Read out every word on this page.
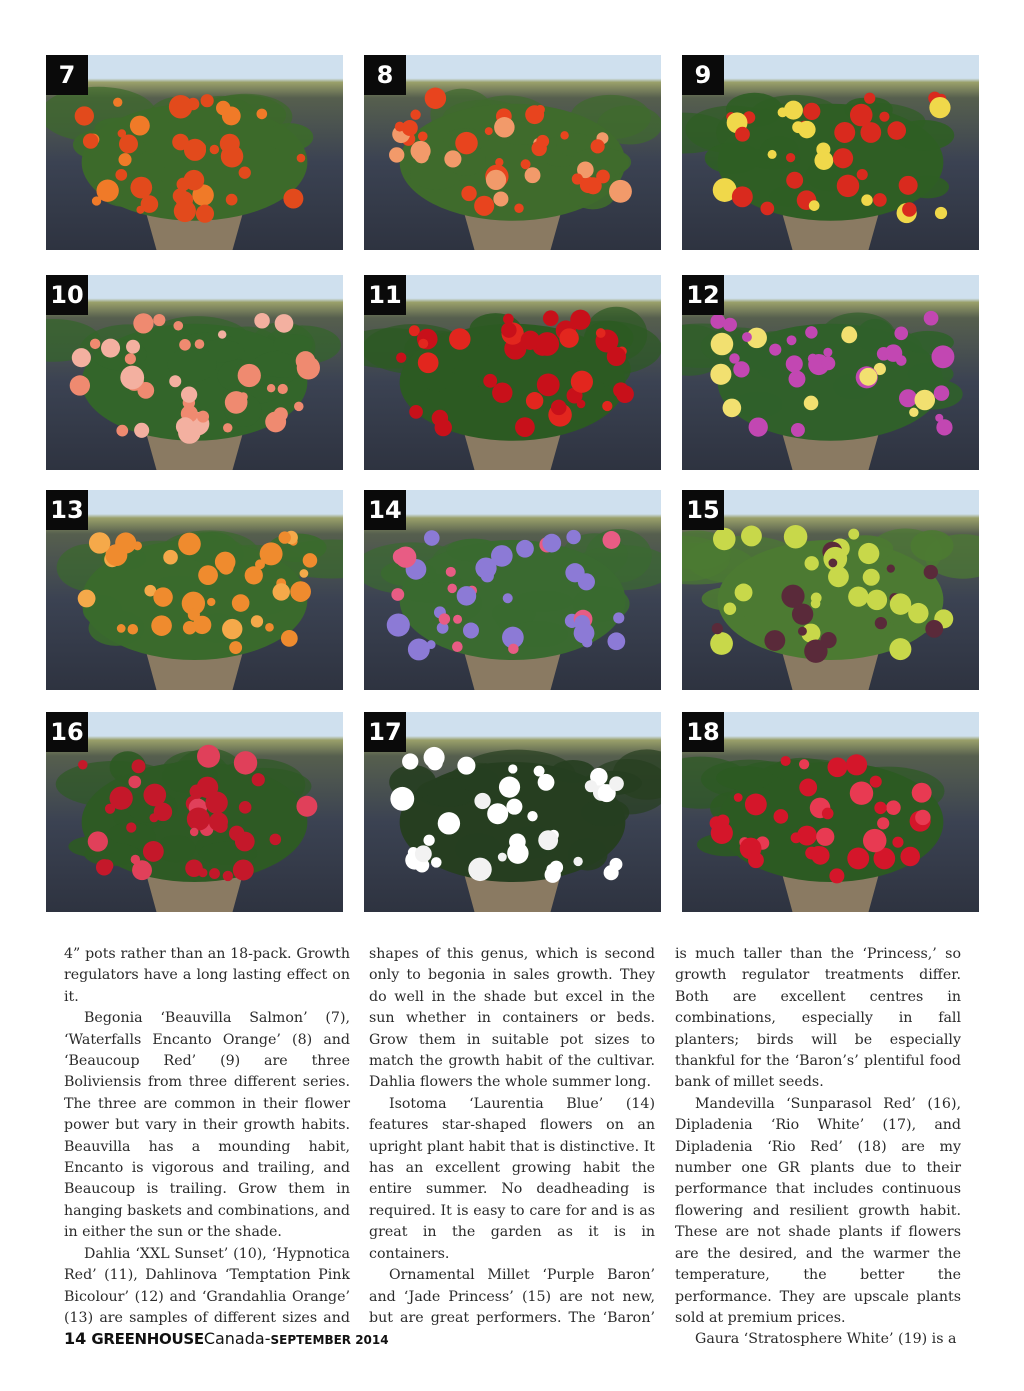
7	8	9
10	11	12
13	14	15
16	17	18

4” pots rather than an 18-pack. Growth regulators have a long lasting effect on it.

Begonia ‘Beauvilla Salmon’ (7), ‘Waterfalls Encanto Orange’ (8) and ‘Beaucoup Red’ (9) are three Boliviensis from three different series. The three are common in their flower power but vary in their growth habits. Beauvilla has a mounding habit, Encanto is vigorous and trailing, and Beaucoup is trailing. Grow them in hanging baskets and combinations, and in either the sun or the shade.

Dahlia ‘XXL Sunset’ (10), ‘Hypnotica Red’ (11), Dahlinova ‘Temptation Pink Bicolour’ (12) and ‘Grandahlia Orange’ (13) are samples of different sizes and

shapes of this genus, which is second only to begonia in sales growth. They do well in the shade but excel in the sun whether in containers or beds. Grow them in suitable pot sizes to match the growth habit of the cultivar. Dahlia flowers the whole summer long.

Isotoma ‘Laurentia Blue’ (14) features star-shaped flowers on an upright plant habit that is distinctive. It has an excellent growing habit the entire summer. No deadheading is required. It is easy to care for and is as great in the garden as it is in containers.

Ornamental Millet ‘Purple Baron’ and ‘Jade Princess’ (15) are not new, but are great performers. The ‘Baron’

is much taller than the ‘Princess,’ so growth regulator treatments differ. Both are excellent centres in combinations, especially in fall planters; birds will be especially thankful for the ‘Baron’s’ plentiful food bank of millet seeds.

Mandevilla ‘Sunparasol Red’ (16), Dipladenia ‘Rio White’ (17), and Dipladenia ‘Rio Red’ (18) are my number one GR plants due to their performance that includes continuous flowering and resilient growth habit. These are not shade plants if flowers are the desired, and the warmer the temperature, the better the performance. They are upscale plants sold at premium prices.

Gaura ‘Stratosphere White’ (19) is a

14 GREENHOUSECanada-SEPTEMBER 2014
